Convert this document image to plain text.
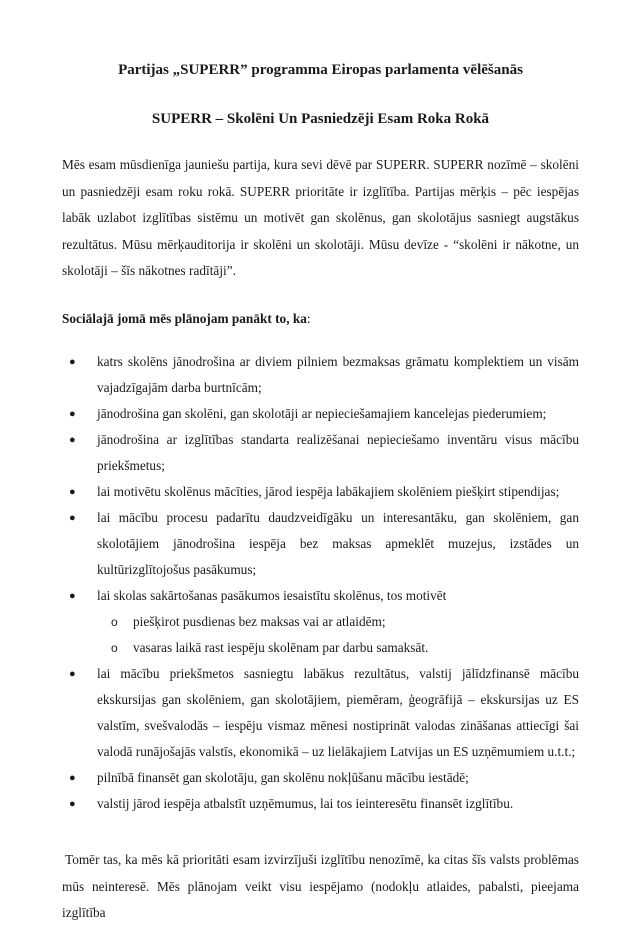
Partijas „SUPERR” programma Eiropas parlamenta vēlēšanās
SUPERR – Skolēni Un Pasniedzēji Esam Roka Rokā

Mēs esam mūsdienīga jauniešu partija, kura sevi dēvē par SUPERR. SUPERR nozīmē – skolēni un pasniedzēji esam roku rokā. SUPERR prioritāte ir izglītība. Partijas mērķis – pēc iespējas labāk uzlabot izglītības sistēmu un motivēt gan skolēnus, gan skolotājus sasniegt augstākus rezultātus. Mūsu mērķauditorija ir skolēni un skolotāji. Mūsu devīze - “skolēni ir nākotne, un skolotāji – šīs nākotnes radītāji”.

Sociālajā jomā mēs plānojam panākt to, ka:

● katrs skolēns jānodrošina ar diviem pilniem bezmaksas grāmatu komplektiem un visām vajadzīgajām darba burtnīcām;
● jānodrošina gan skolēni, gan skolotāji ar nepieciešamajiem kancelejas piederumiem;
● jānodrošina ar izglītības standarta realizēšanai nepieciešamo inventāru visus mācību priekšmetus;
● lai motivētu skolēnus mācīties, jārod iespēja labākajiem skolēniem piešķirt stipendijas;
● lai mācību procesu padarītu daudzveidīgāku un interesantāku, gan skolēniem, gan skolotājiem jānodrošina iespēja bez maksas apmeklēt muzejus, izstādes un kultūrizglītojošus pasākumus;
● lai skolas sakārtošanas pasākumos iesaistītu skolēnus, tos motivēt
o piešķirot pusdienas bez maksas vai ar atlaidēm;
o vasaras laikā rast iespēju skolēnam par darbu samaksāt.
● lai mācību priekšmetos sasniegtu labākus rezultātus, valstij jālīdzfinansē mācību ekskursijas gan skolēniem, gan skolotājiem, piemēram, ģeogrāfijā – ekskursijas uz ES valstīm, svešvalodās – iespēju vismaz mēnesi nostiprināt valodas zināšanas attiecīgi šai valodā runājošajās valstīs, ekonomikā – uz lielākajiem Latvijas un ES uzņēmumiem u.t.t.;
● pilnībā finansēt gan skolotāju, gan skolēnu nokļūšanu mācību iestādē;
● valstij jārod iespēja atbalstīt uzņēmumus, lai tos ieinteresētu finansēt izglītību.

Tomēr tas, ka mēs kā prioritāti esam izvirzījuši izglītību nenozīmē, ka citas šīs valsts problēmas mūs neinteresē. Mēs plānojam veikt visu iespējamo (nodokļu atlaides, pabalsti, pieejama izglītība
